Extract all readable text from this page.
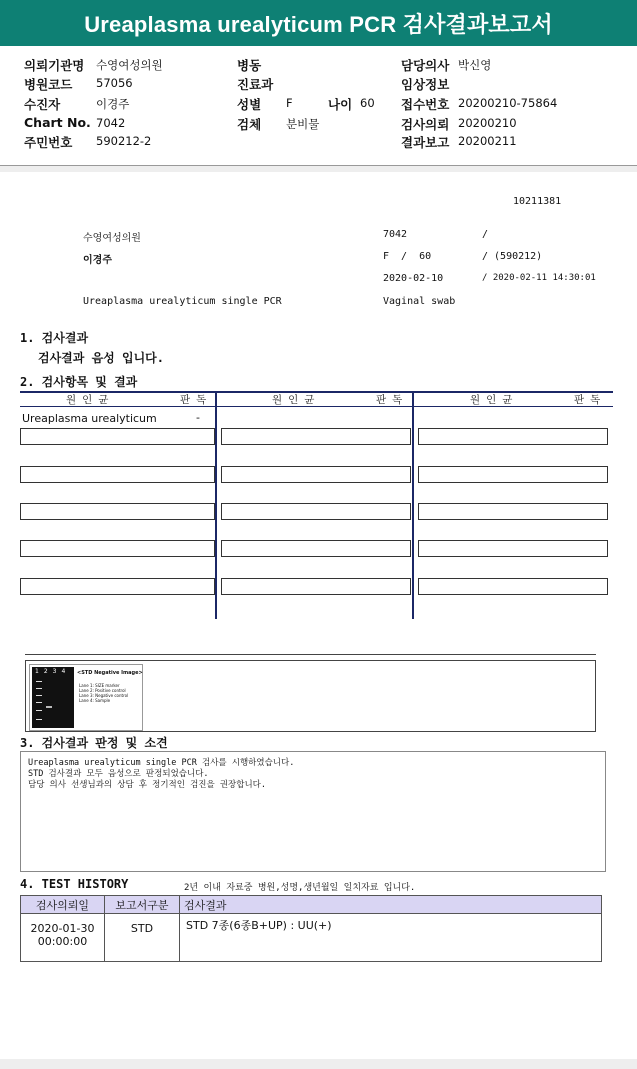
Ureaplasma urealyticum PCR 검사결과보고서
의뢰기관명 수영여성의원
병원코드 57056
수진자	이경주
Chart No. 7042
주민번호 590212-2
병동
진료과
성별 F	나이 60
검체 분비물
담당의사 박신영
임상정보
접수번호 20200210-75864
검사의뢰 20200210
결과보고 20200211
10211381
수영여성의원	7042	/
이경주	F  /  60	/ (590212)
2020-02-10	/ 2020-02-11 14:30:01
Ureaplasma urealyticum single PCR	Vaginal swab
1. 검사결과
검사결과 음성 입니다.
2. 검사항목 및 결과
원인균	판독	원인균	판독	원인균	판독
Ureaplasma urealyticum	-
1234 <STD Negative Image>
Lane 1: SIZE marker
Lane 2: Positive control
Lane 3: Negative control
Lane 4: Sample
3. 검사결과 판정 및 소견
Ureaplasma urealyticum single PCR 검사를 시행하였습니다.
STD 검사결과 모두 음성으로 판정되었습니다.
담당 의사 선생님과의 상담 후 정기적인 검진을 권장합니다.
4. TEST HISTORY	2년 이내 자료중 병원,성명,생년월일 일치자료 입니다.
검사의뢰일	보고서구분	검사결과

2020-01-30
00:00:00	STD	STD 7종(6종B+UP) : UU(+)
